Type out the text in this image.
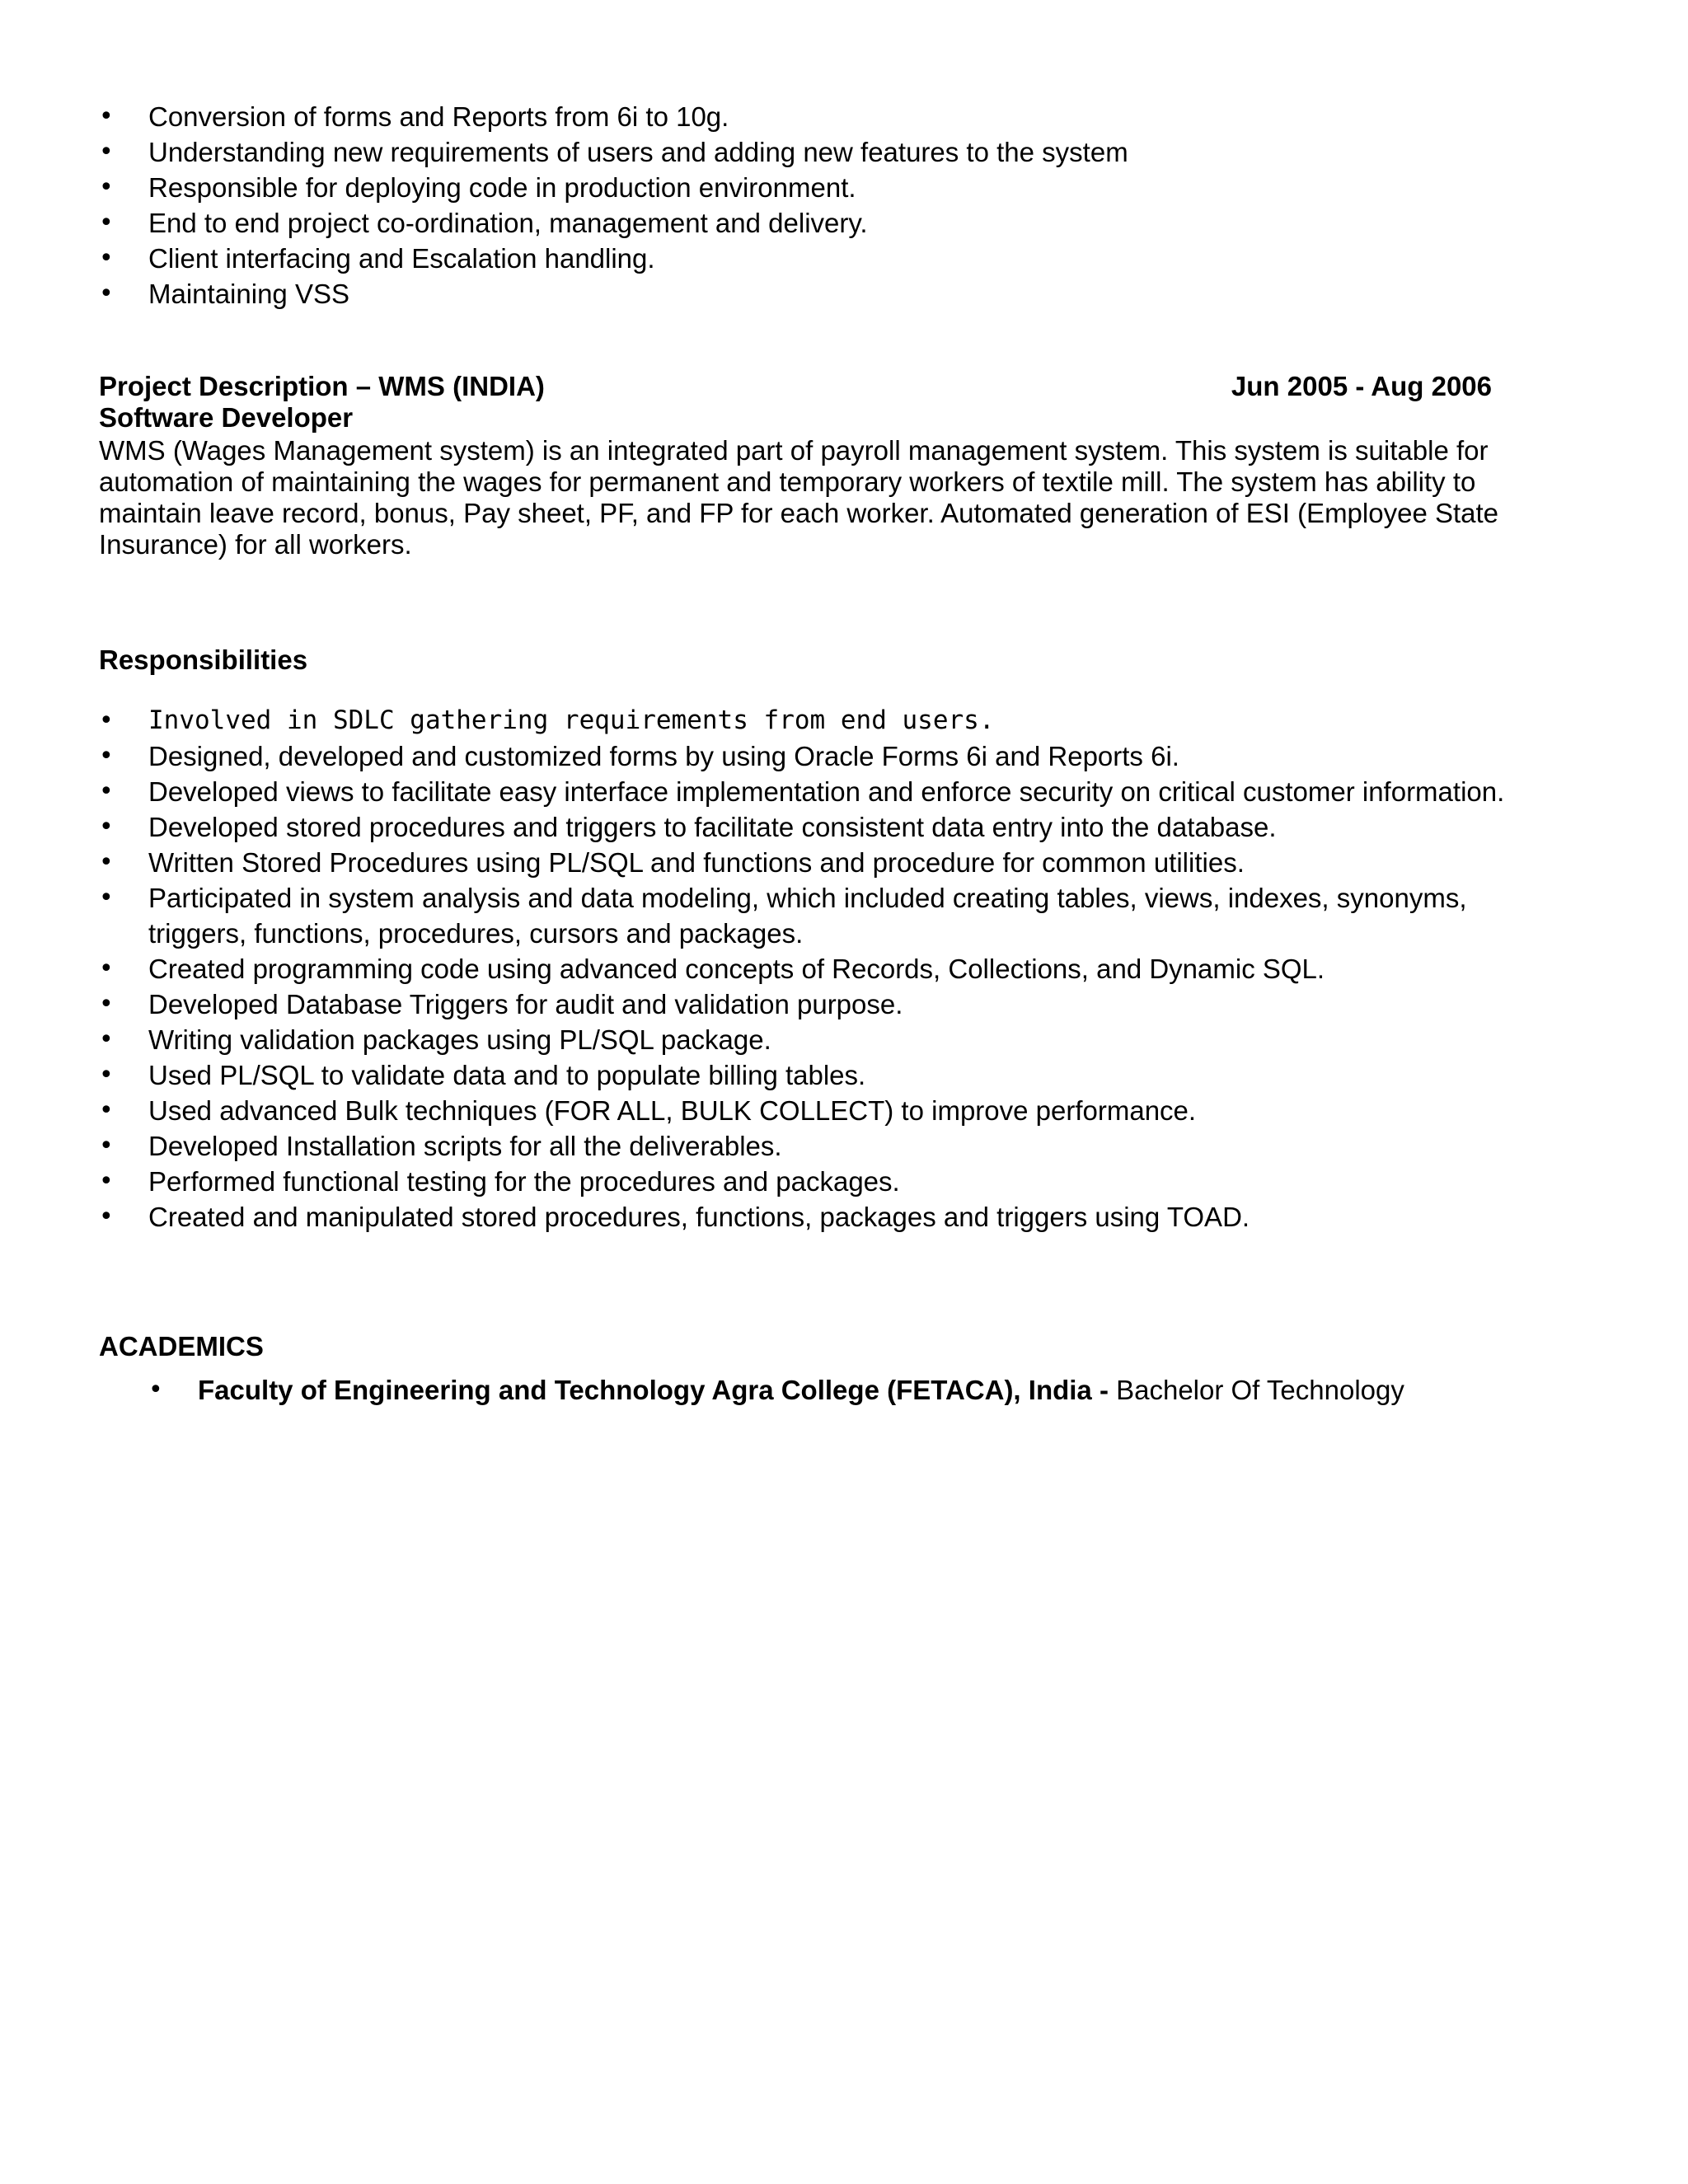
• Conversion of forms and Reports from 6i to 10g.
• Understanding new requirements of users and adding new features to the system
• Responsible for deploying code in production environment.
• End to end project co-ordination, management and delivery.
• Client interfacing and Escalation handling.
• Maintaining VSS
Project Description – WMS (INDIA)	Jun 2005 - Aug 2006
Software Developer

WMS (Wages Management system) is an integrated part of payroll management system. This system is suitable for automation of maintaining the wages for permanent and temporary workers of textile mill. The system has ability to maintain leave record, bonus, Pay sheet, PF, and FP for each worker. Automated generation of ESI (Employee State Insurance) for all workers.

Responsibilities
• Involved in SDLC gathering requirements from end users.
• Designed, developed and customized forms by using Oracle Forms 6i and Reports 6i.
• Developed views to facilitate easy interface implementation and enforce security on critical customer information.
• Developed stored procedures and triggers to facilitate consistent data entry into the database.
• Written Stored Procedures using PL/SQL and functions and procedure for common utilities.
• Participated in system analysis and data modeling, which included creating tables, views, indexes, synonyms, triggers, functions, procedures, cursors and packages.
• Created programming code using advanced concepts of Records, Collections, and Dynamic SQL.
• Developed Database Triggers for audit and validation purpose.
• Writing validation packages using PL/SQL package.
• Used PL/SQL to validate data and to populate billing tables.
• Used advanced Bulk techniques (FOR ALL, BULK COLLECT) to improve performance.
• Developed Installation scripts for all the deliverables.
• Performed functional testing for the procedures and packages.
• Created and manipulated stored procedures, functions, packages and triggers using TOAD.
ACADEMICS
• Faculty of Engineering and Technology Agra College (FETACA), India - Bachelor Of Technology
